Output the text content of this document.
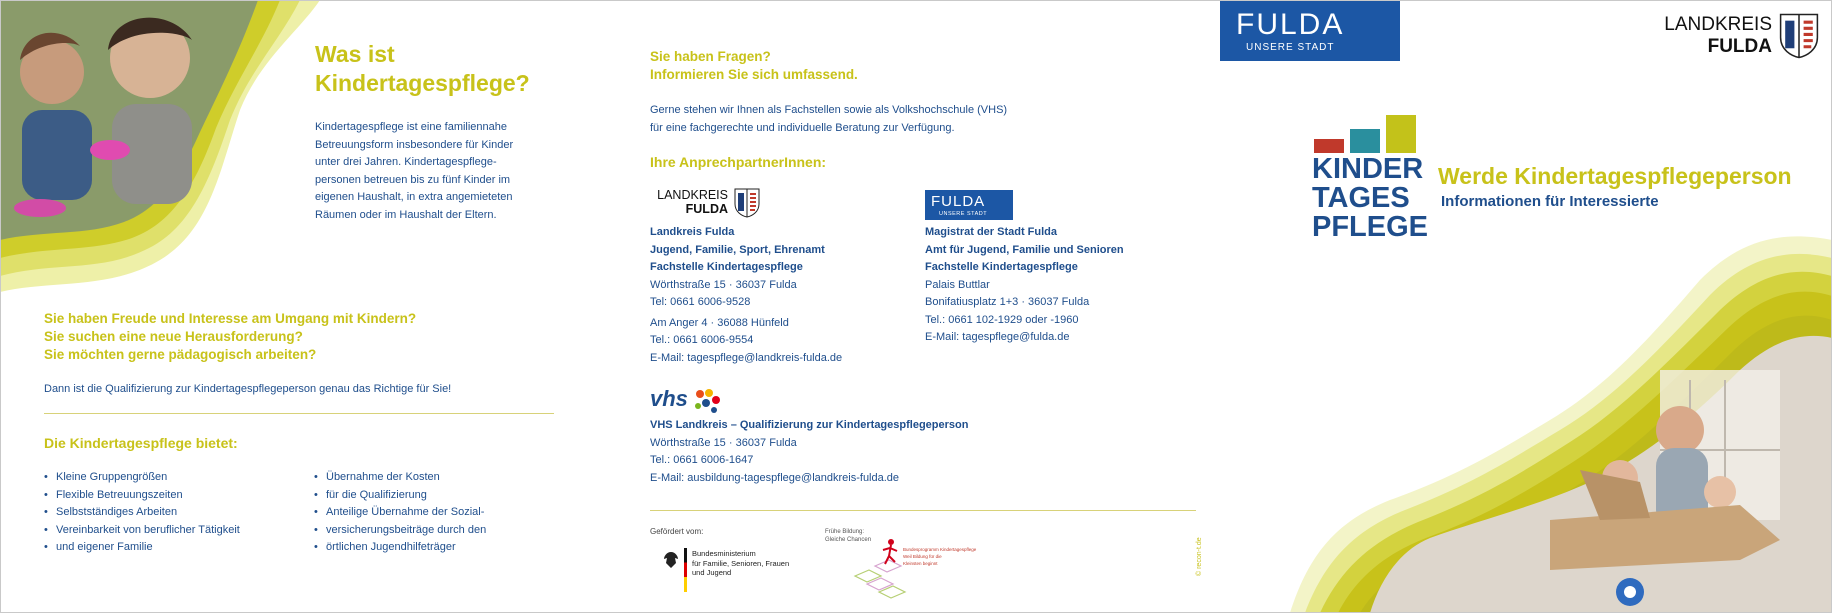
Was ist
Kindertagespflege?
Kindertagespflege ist eine familiennahe
Betreuungsform insbesondere für Kinder
unter drei Jahren. Kindertagespflege-
personen betreuen bis zu fünf Kinder im
eigenen Haushalt, in extra angemieteten
Räumen oder im Haushalt der Eltern.
Sie haben Freude und Interesse am Umgang mit Kindern?
Sie suchen eine neue Herausforderung?
Sie möchten gerne pädagogisch arbeiten?
Dann ist die Qualifizierung zur Kindertagespflegeperson genau das Richtige für Sie!
Die Kindertagespflege bietet:
• Kleine Gruppengrößen
• Flexible Betreuungszeiten
• Selbstständiges Arbeiten
• Vereinbarkeit von beruflicher Tätigkeit
• und eigener Familie
• Übernahme der Kosten
• für die Qualifizierung
• Anteilige Übernahme der Sozial-
• versicherungsbeiträge durch den
• örtlichen Jugendhilfeträger
Sie haben Fragen?
Informieren Sie sich umfassend.
Gerne stehen wir Ihnen als Fachstellen sowie als Volkshochschule (VHS)
für eine fachgerechte und individuelle Beratung zur Verfügung.
Ihre AnprechpartnerInnen:
LANDKREIS
FULDA	FULDA
UNSERE STADT
Landkreis Fulda
Jugend, Familie, Sport, Ehrenamt
Fachstelle Kindertagespflege
Wörthstraße 15 · 36037 Fulda
Tel: 0661 6006-9528
Am Anger 4 · 36088 Hünfeld
Tel.: 0661 6006-9554
E-Mail: tagespflege@landkreis-fulda.de
Magistrat der Stadt Fulda
Amt für Jugend, Familie und Senioren
Fachstelle Kindertagespflege
Palais Buttlar
Bonifatiusplatz 1+3 · 36037 Fulda
Tel.: 0661 102-1929 oder -1960
E-Mail: tagespflege@fulda.de
vhs
VHS Landkreis – Qualifizierung zur Kindertagespflegeperson
Wörthstraße 15 · 36037 Fulda
Tel.: 0661 6006-1647
E-Mail: ausbildung-tagespflege@landkreis-fulda.de
Gefördert vom:
Bundesministerium
für Familie, Senioren, Frauen
und Jugend
Frühe Bildung:
Gleiche Chancen
Bundesprogramm Kindertagespflege
Weil Bildung für die
Kleinsten beginnt	© recon-t.de
FULDA
UNSERE STADT
LANDKREIS
FULDA
KINDER
TAGES
PFLEGE
Werde Kindertagespflegeperson
Informationen für Interessierte
